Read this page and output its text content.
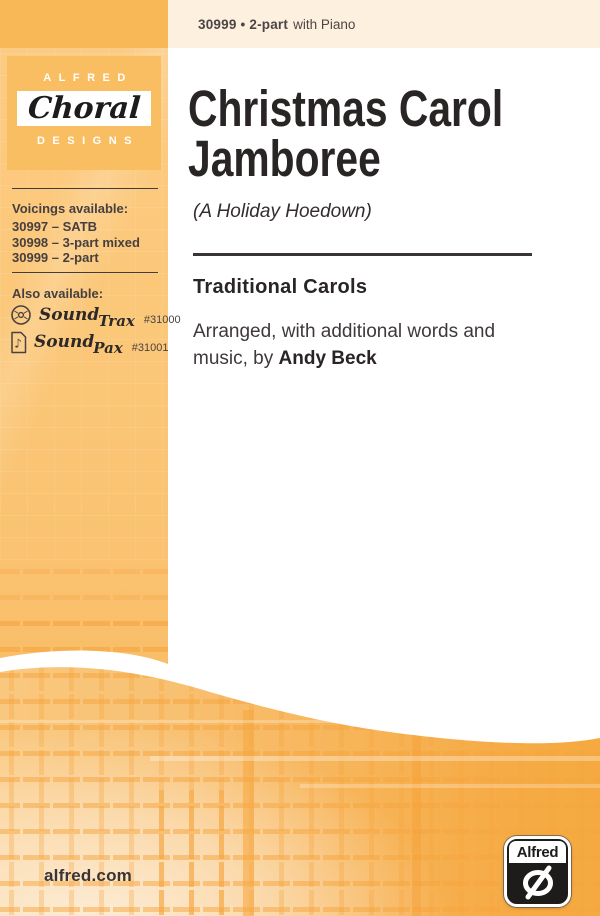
30999 • 2-part with Piano
ALFRED
Choral
DESIGNS
Voicings available:
30997 – SATB
30998 – 3-part mixed
30999 – 2-part
Also available:
Sound Trax #31000
♪ Sound Pax #31001
Christmas Carol
Jamboree
(A Holiday Hoedown)
Traditional Carols
Arranged, with additional words and
music, by Andy Beck
alfred.com
Alfred
